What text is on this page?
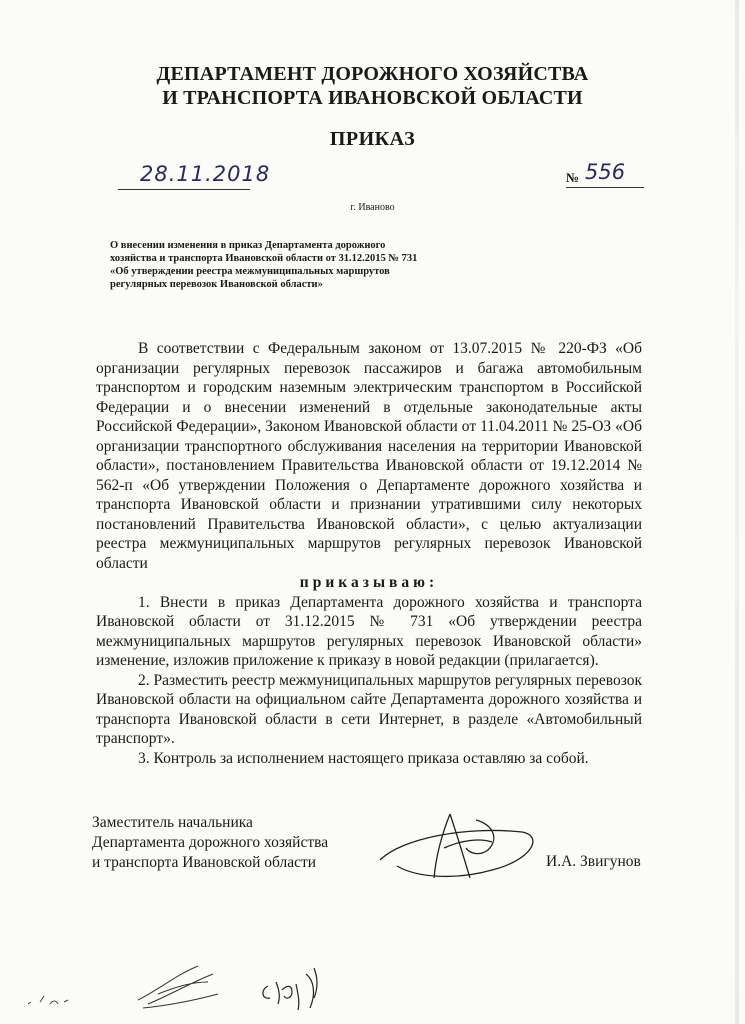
ДЕПАРТАМЕНТ ДОРОЖНОГО ХОЗЯЙСТВА
И ТРАНСПОРТА ИВАНОВСКОЙ ОБЛАСТИ
ПРИКАЗ
28.11.2018	№ 556
г. Иваново
О внесении изменения в приказ Департамента дорожного хозяйства и транспорта Ивановской области от 31.12.2015 № 731 «Об утверждении реестра межмуниципальных маршрутов регулярных перевозок Ивановской области»

В соответствии с Федеральным законом от 13.07.2015 № 220-ФЗ «Об организации регулярных перевозок пассажиров и багажа автомобильным транспортом и городским наземным электрическим транспортом в Российской Федерации и о внесении изменений в отдельные законодательные акты Российской Федерации», Законом Ивановской области от 11.04.2011 № 25-ОЗ «Об организации транспортного обслуживания населения на территории Ивановской области», постановлением Правительства Ивановской области от 19.12.2014 № 562-п «Об утверждении Положения о Департаменте дорожного хозяйства и транспорта Ивановской области и признании утратившими силу некоторых постановлений Правительства Ивановской области», с целью актуализации реестра межмуниципальных маршрутов регулярных перевозок Ивановской области

приказываю:

1. Внести в приказ Департамента дорожного хозяйства и транспорта Ивановской области от 31.12.2015 № 731 «Об утверждении реестра межмуниципальных маршрутов регулярных перевозок Ивановской области» изменение, изложив приложение к приказу в новой редакции (прилагается).

2. Разместить реестр межмуниципальных маршрутов регулярных перевозок Ивановской области на официальном сайте Департамента дорожного хозяйства и транспорта Ивановской области в сети Интернет, в разделе «Автомобильный транспорт».

3. Контроль за исполнением настоящего приказа оставляю за собой.

Заместитель начальника
Департамента дорожного хозяйства
и транспорта Ивановской области	И.А. Звигунов
